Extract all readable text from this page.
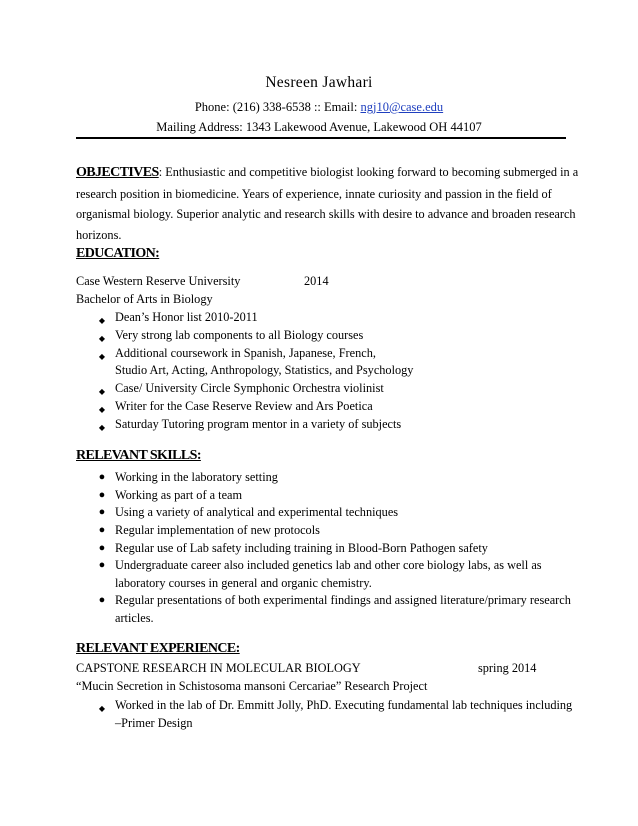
Nesreen Jawhari
Phone: (216) 338-6538 :: Email: ngj10@case.edu
Mailing Address: 1343 Lakewood Avenue, Lakewood OH 44107
OBJECTIVES: Enthusiastic and competitive biologist looking forward to becoming submerged in a
research position in biomedicine. Years of experience, innate curiosity and passion in the field of
organismal biology. Superior analytic and research skills with desire to advance and broaden research
horizons.
EDUCATION:
Case Western Reserve University	2014
Bachelor of Arts in Biology
◆ Dean’s Honor list 2010-2011
◆ Very strong lab components to all Biology courses
◆ Additional coursework in Spanish, Japanese, French,
Studio Art, Acting, Anthropology, Statistics, and Psychology
◆ Case/ University Circle Symphonic Orchestra violinist
◆ Writer for the Case Reserve Review and Ars Poetica
◆ Saturday Tutoring program mentor in a variety of subjects
RELEVANT SKILLS:
● Working in the laboratory setting
● Working as part of a team
● Using a variety of analytical and experimental techniques
● Regular implementation of new protocols
● Regular use of Lab safety including training in Blood-Born Pathogen safety
● Undergraduate career also included genetics lab and other core biology labs, as well as
laboratory courses in general and organic chemistry.
● Regular presentations of both experimental findings and assigned literature/primary research
articles.
RELEVANT EXPERIENCE:
CAPSTONE RESEARCH IN MOLECULAR BIOLOGY	spring 2014
“Mucin Secretion in Schistosoma mansoni Cercariae” Research Project
◆ Worked in the lab of Dr. Emmitt Jolly, PhD. Executing fundamental lab techniques including
–Primer Design
